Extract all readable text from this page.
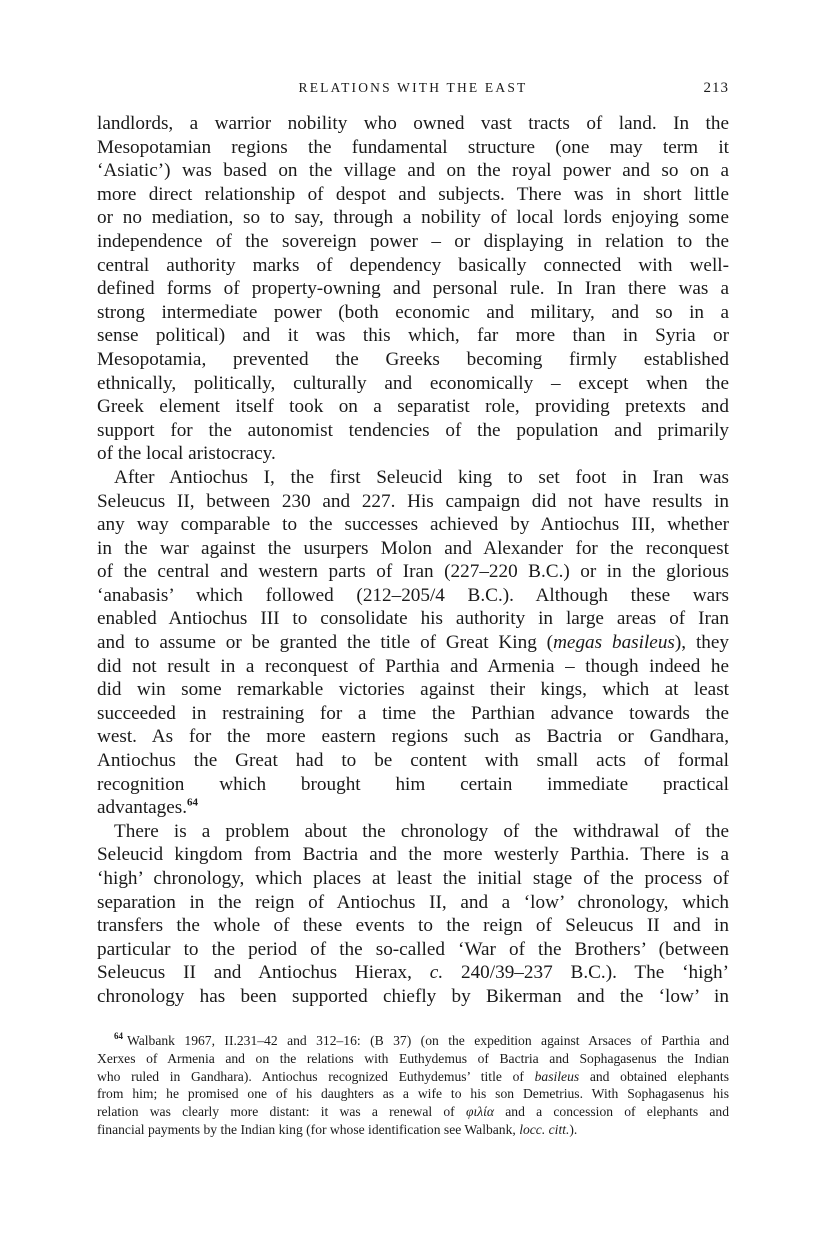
RELATIONS WITH THE EAST	213
landlords, a warrior nobility who owned vast tracts of land. In the
Mesopotamian regions the fundamental structure (one may term it
‘Asiatic’) was based on the village and on the royal power and so on a
more direct relationship of despot and subjects. There was in short little
or no mediation, so to say, through a nobility of local lords enjoying some
independence of the sovereign power – or displaying in relation to the
central authority marks of dependency basically connected with well-
defined forms of property-owning and personal rule. In Iran there was a
strong intermediate power (both economic and military, and so in a
sense political) and it was this which, far more than in Syria or
Mesopotamia, prevented the Greeks becoming firmly established
ethnically, politically, culturally and economically – except when the
Greek element itself took on a separatist role, providing pretexts and
support for the autonomist tendencies of the population and primarily
of the local aristocracy.
After Antiochus I, the first Seleucid king to set foot in Iran was
Seleucus II, between 230 and 227. His campaign did not have results in
any way comparable to the successes achieved by Antiochus III, whether
in the war against the usurpers Molon and Alexander for the reconquest
of the central and western parts of Iran (227–220 B.C.) or in the glorious
‘anabasis’ which followed (212–205/4 B.C.). Although these wars
enabled Antiochus III to consolidate his authority in large areas of Iran
and to assume or be granted the title of Great King (megas basileus), they
did not result in a reconquest of Parthia and Armenia – though indeed he
did win some remarkable victories against their kings, which at least
succeeded in restraining for a time the Parthian advance towards the
west. As for the more eastern regions such as Bactria or Gandhara,
Antiochus the Great had to be content with small acts of formal
recognition which brought him certain immediate practical
advantages.$^{64}$
There is a problem about the chronology of the withdrawal of the
Seleucid kingdom from Bactria and the more westerly Parthia. There is a
‘high’ chronology, which places at least the initial stage of the process of
separation in the reign of Antiochus II, and a ‘low’ chronology, which
transfers the whole of these events to the reign of Seleucus II and in
particular to the period of the so-called ‘War of the Brothers’ (between
Seleucus II and Antiochus Hierax, c. 240/39–237 B.C.). The ‘high’
chronology has been supported chiefly by Bikerman and the ‘low’ in
$^{64}$ Walbank 1967, II.231–42 and 312–16: (B 37) (on the expedition against Arsaces of Parthia and
Xerxes of Armenia and on the relations with Euthydemus of Bactria and Sophagasenus the Indian
who ruled in Gandhara). Antiochus recognized Euthydemus’ title of basileus and obtained elephants
from him; he promised one of his daughters as a wife to his son Demetrius. With Sophagasenus his
relation was clearly more distant: it was a renewal of φιλία and a concession of elephants and
financial payments by the Indian king (for whose identification see Walbank, locc. citt.).
